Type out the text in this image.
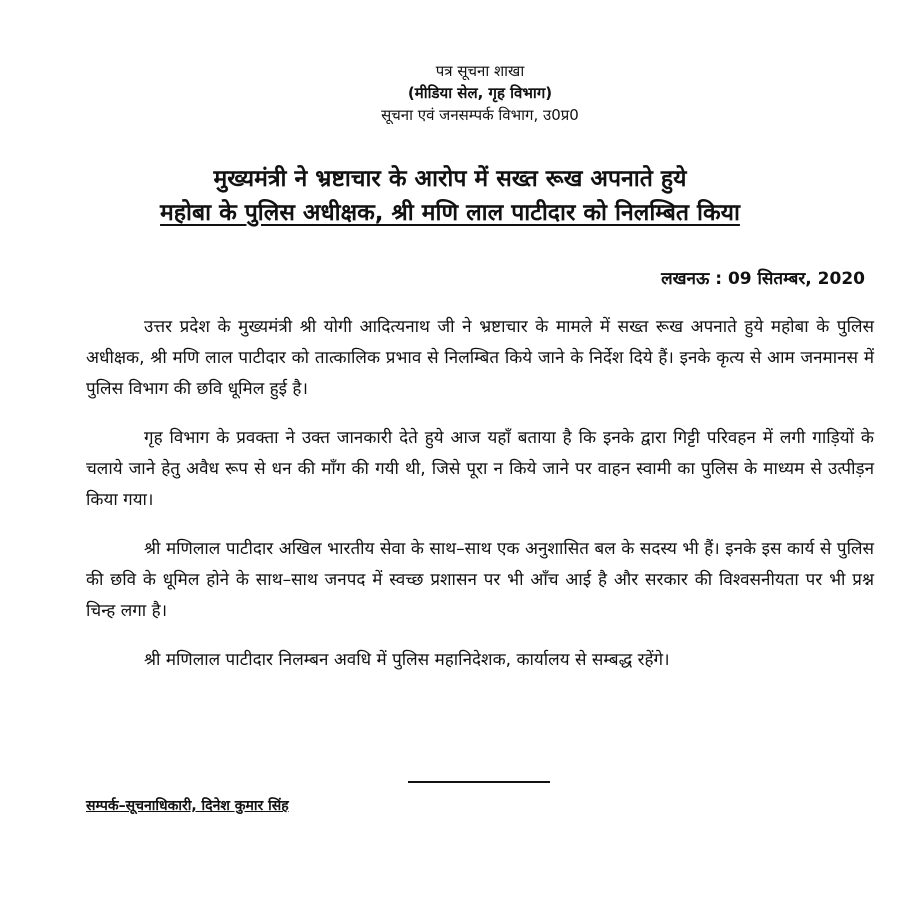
पत्र सूचना शाखा
(मीडिया सेल, गृह विभाग)
सूचना एवं जनसम्पर्क विभाग, उ0प्र0
मुख्यमंत्री ने भ्रष्टाचार के आरोप में सख्त रूख अपनाते हुये
महोबा के पुलिस अधीक्षक, श्री मणि लाल पाटीदार को निलम्बित किया
लखनऊ : 09 सितम्बर, 2020

उत्तर प्रदेश के मुख्यमंत्री श्री योगी आदित्यनाथ जी ने भ्रष्टाचार के मामले में सख्त रूख अपनाते हुये महोबा के पुलिस अधीक्षक, श्री मणि लाल पाटीदार को तात्कालिक प्रभाव से निलम्बित किये जाने के निर्देश दिये हैं। इनके कृत्य से आम जनमानस में पुलिस विभाग की छवि धूमिल हुई है।

गृह विभाग के प्रवक्ता ने उक्त जानकारी देते हुये आज यहाँ बताया है कि इनके द्वारा गिट्टी परिवहन में लगी गाड़ियों के चलाये जाने हेतु अवैध रूप से धन की माँग की गयी थी, जिसे पूरा न किये जाने पर वाहन स्वामी का पुलिस के माध्यम से उत्पीड़न किया गया।

श्री मणिलाल पाटीदार अखिल भारतीय सेवा के साथ–साथ एक अनुशासित बल के सदस्य भी हैं। इनके इस कार्य से पुलिस की छवि के धूमिल होने के साथ–साथ जनपद में स्वच्छ प्रशासन पर भी आँच आई है और सरकार की विश्वसनीयता पर भी प्रश्न चिन्ह लगा है।

श्री मणिलाल पाटीदार निलम्बन अवधि में पुलिस महानिदेशक, कार्यालय से सम्बद्ध रहेंगे।

सम्पर्क–सूचनाधिकारी, दिनेश कुमार सिंह
